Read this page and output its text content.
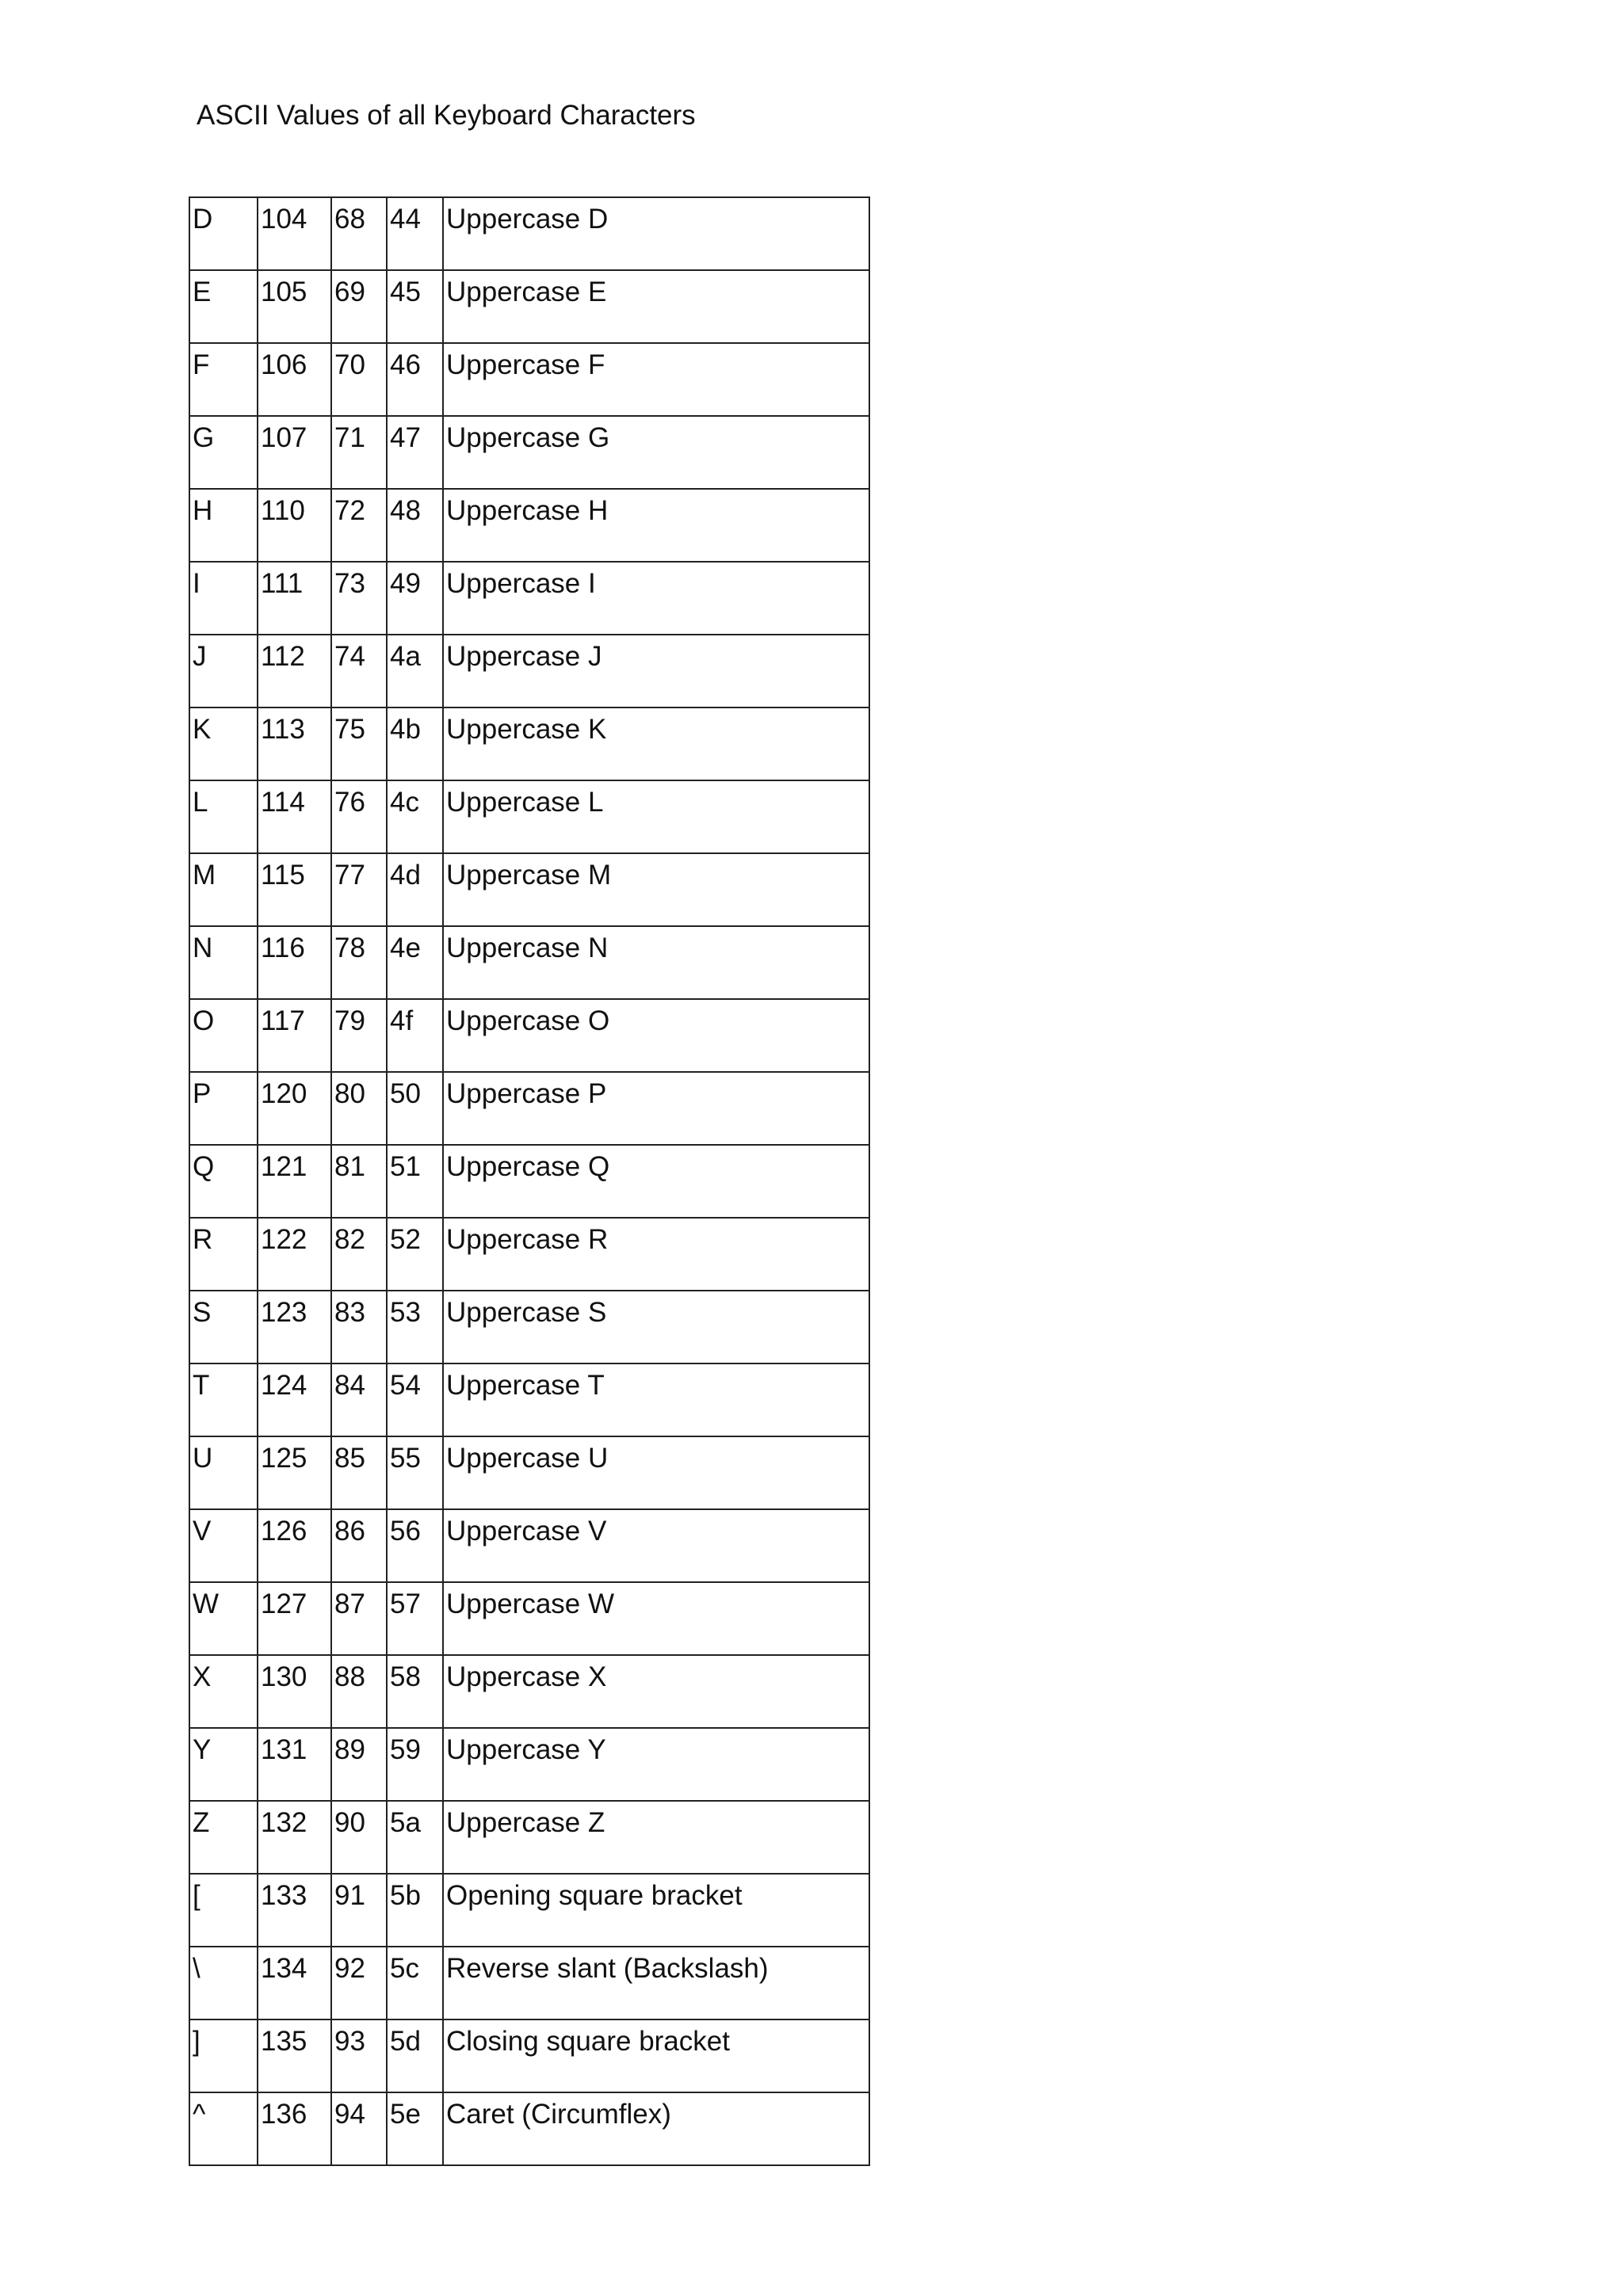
ASCII Values of all Keyboard Characters
D	104	68	44	Uppercase D
E	105	69	45	Uppercase E
F	106	70	46	Uppercase F
G	107	71	47	Uppercase G
H	110	72	48	Uppercase H
I	111	73	49	Uppercase I
J	112	74	4a	Uppercase J
K	113	75	4b	Uppercase K
L	114	76	4c	Uppercase L
M	115	77	4d	Uppercase M
N	116	78	4e	Uppercase N
O	117	79	4f	Uppercase O
P	120	80	50	Uppercase P
Q	121	81	51	Uppercase Q
R	122	82	52	Uppercase R
S	123	83	53	Uppercase S
T	124	84	54	Uppercase T
U	125	85	55	Uppercase U
V	126	86	56	Uppercase V
W	127	87	57	Uppercase W
X	130	88	58	Uppercase X
Y	131	89	59	Uppercase Y
Z	132	90	5a	Uppercase Z
[	133	91	5b	Opening square bracket
\	134	92	5c	Reverse slant (Backslash)
]	135	93	5d	Closing square bracket
^	136	94	5e	Caret (Circumflex)
